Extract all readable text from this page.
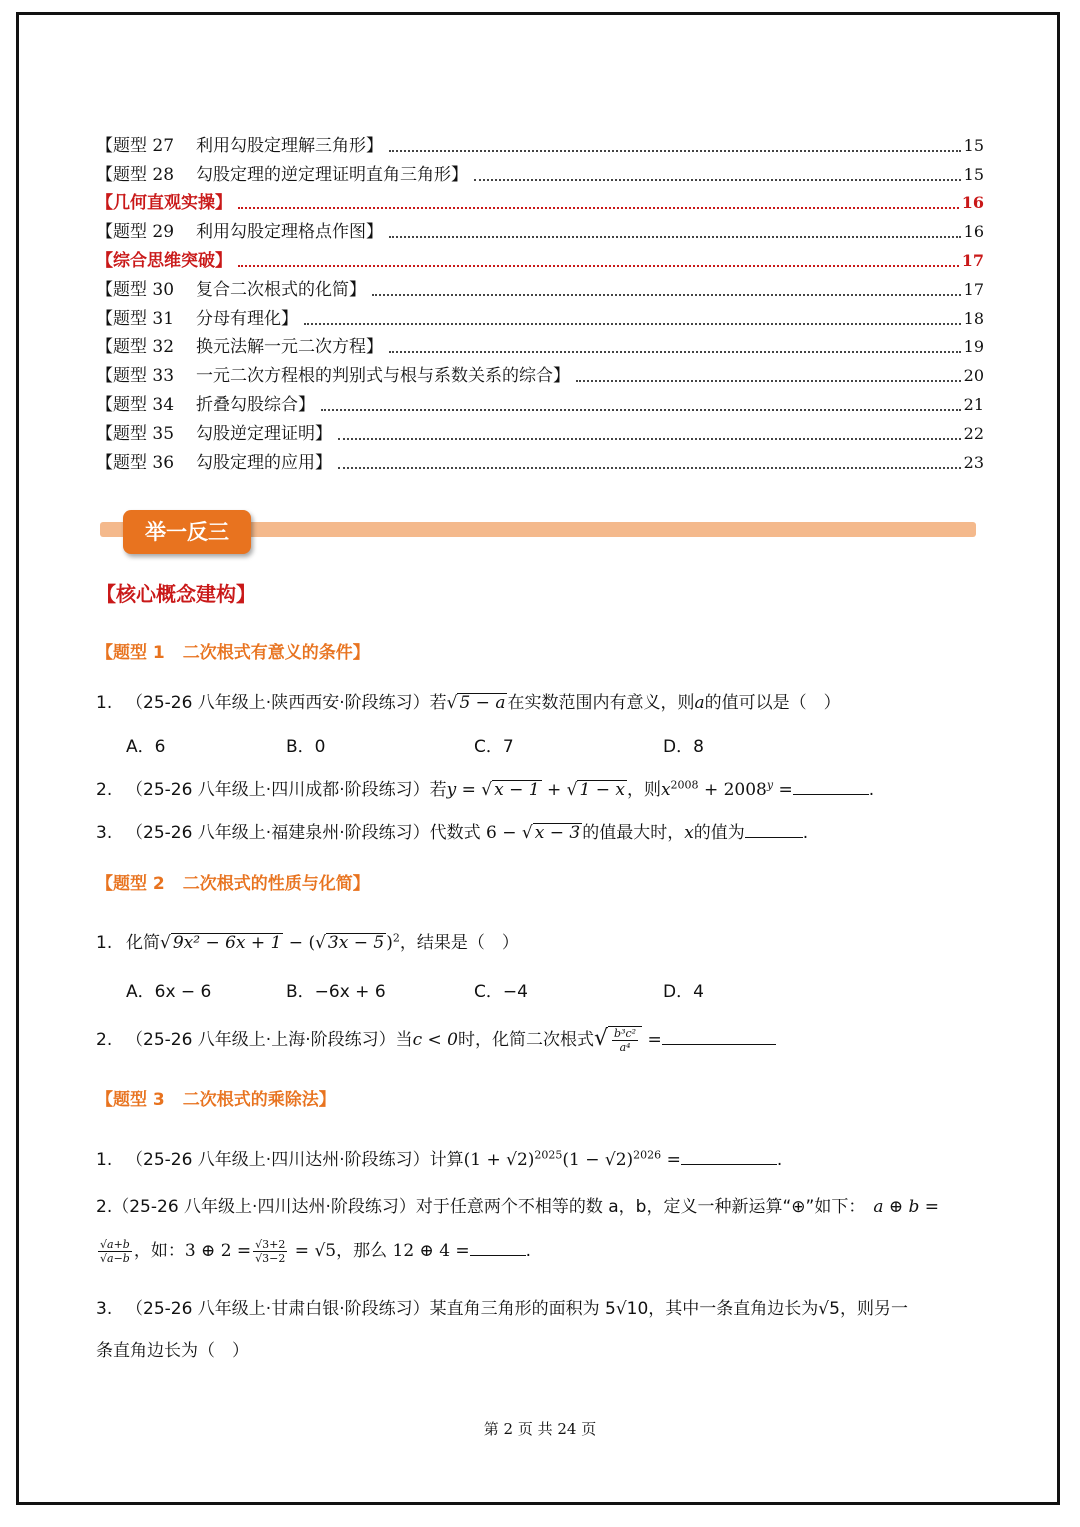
【题型 27 利用勾股定理解三角形】	15
【题型 28 勾股定理的逆定理证明直角三角形】	15
【几何直观实操】	16
【题型 29 利用勾股定理格点作图】	16
【综合思维突破】	17
【题型 30 复合二次根式的化简】	17
【题型 31 分母有理化】	18
【题型 32 换元法解一元二次方程】	19
【题型 33 一元二次方程根的判别式与根与系数关系的综合】	20
【题型 34 折叠勾股综合】	21
【题型 35 勾股逆定理证明】	22
【题型 36 勾股定理的应用】	23
举一反三
【核心概念建构】
【题型 1 二次根式有意义的条件】
1. （25-26 八年级上·陕西西安·阶段练习）若√ 5 − a 在实数范围内有意义，则a的值可以是（　）
A．6	B．0	C．7	D．8
2. （25-26 八年级上·四川成都·阶段练习）若y = √ x − 1 + √ 1 − x ，则$x^{2008} + 2008^y$ =	.
3. （25-26 八年级上·福建泉州·阶段练习）代数式 6 − √ x − 3 的值最大时，x的值为	.
【题型 2 二次根式的性质与化简】
1. 化简√ 9x² − 6x + 1 − (√ 3x − 5 )$^2$，结果是（　）
A．6x − 6	B．−6x + 6	C．−4	D．4
2. （25-26 八年级上·上海·阶段练习）当c < 0时，化简二次根式√ $\frac{\text{b³c²}}{\text{a⁴}}$ =
【题型 3 二次根式的乘除法】
1. （25-26 八年级上·四川达州·阶段练习）计算$(1 + √2)^{2025}(1 - √2)^{2026}$ =	.
2.（25-26 八年级上·四川达州·阶段练习）对于任意两个不相等的数 a，b，定义一种新运算“⊕”如下： a ⊕ b =
$\frac{√a+b}{√a-b}$ ，如：3 ⊕ $2 = \frac{√3+2}{√3-2} = √5$，那么 12 ⊕ 4 =	.
3. （25-26 八年级上·甘肃白银·阶段练习）某直角三角形的面积为 5√10，其中一条直角边长为√5，则另一
条直角边长为（　）
第 2 页 共 24 页
